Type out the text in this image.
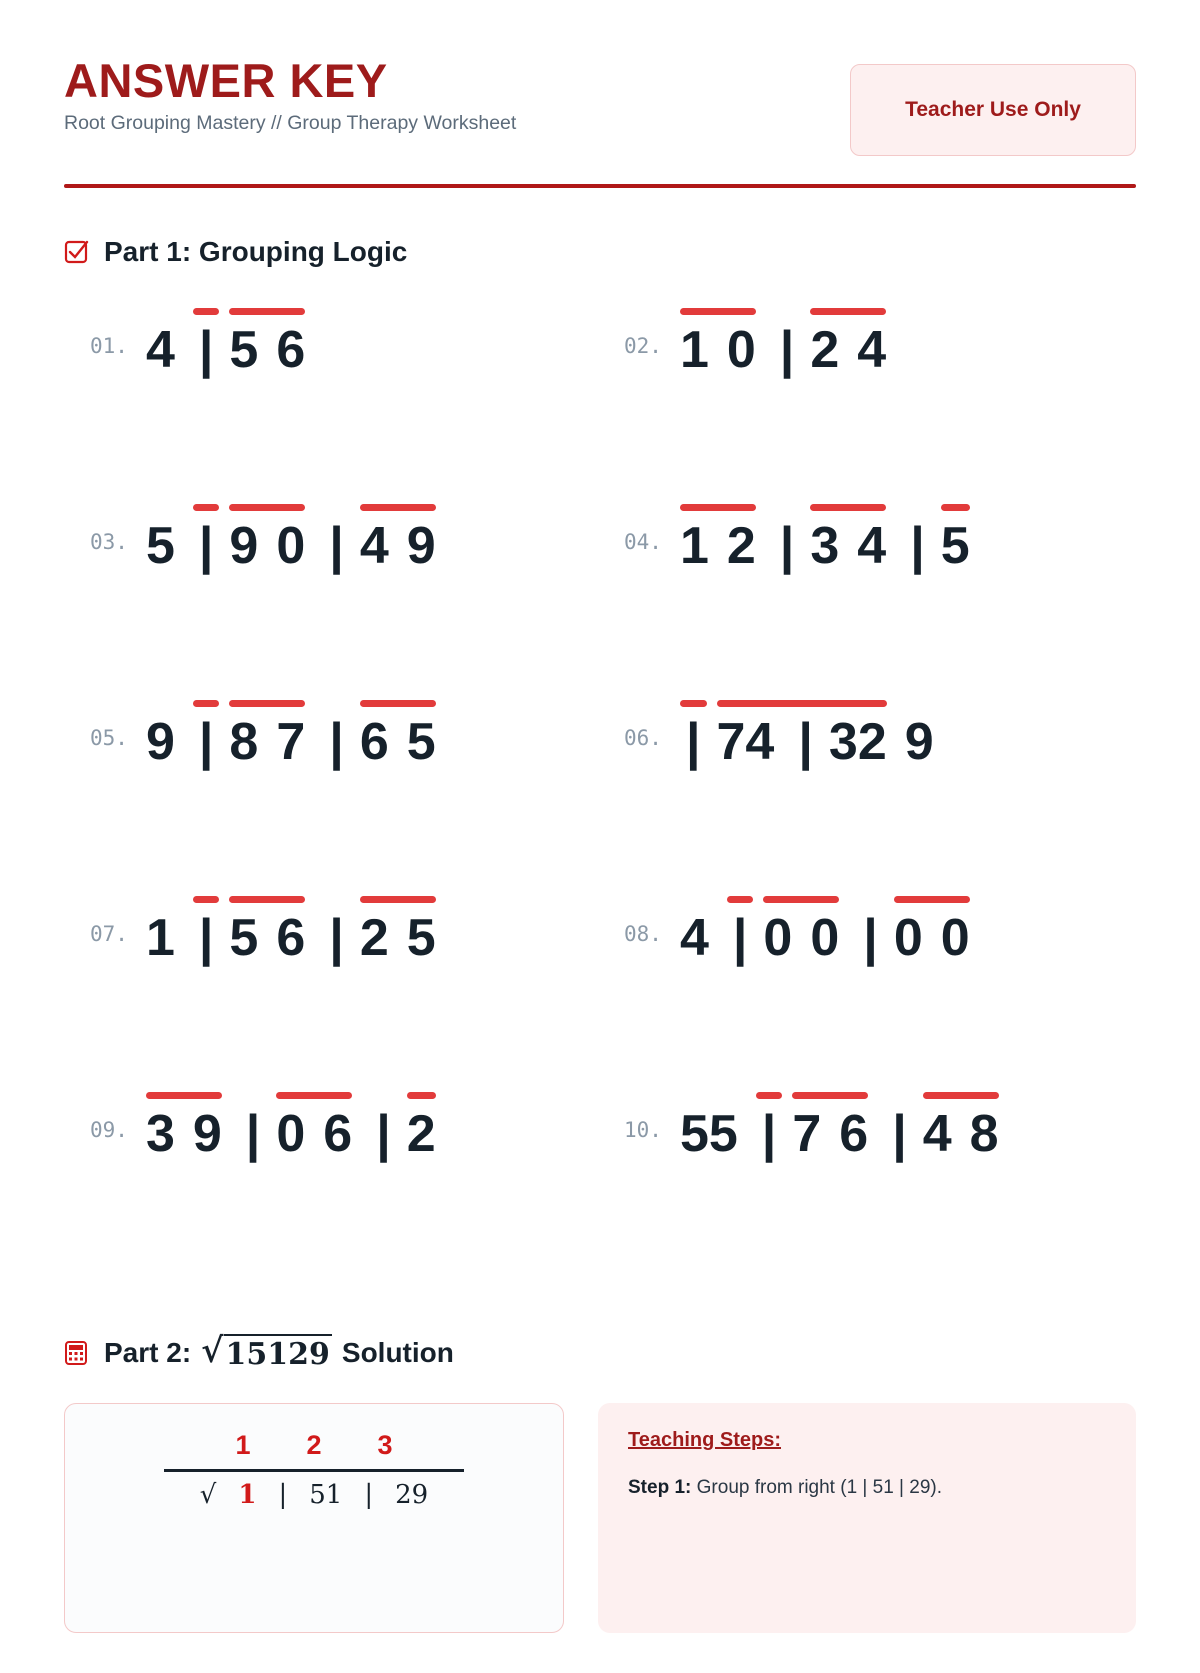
ANSWER KEY
Root Grouping Mastery // Group Therapy Worksheet
Teacher Use Only
Part 1: Grouping Logic
01. 4 | 5 6	02. 1 0 | 2 4
03. 5 | 9 0 | 4 9	04. 1 2 | 3 4 | 5
05. 9 | 8 7 | 6 5	06. | 74 | 32 9
07. 1 | 5 6 | 2 5	08. 4 | 0 0 | 0 0
09. 3 9 | 0 6 | 2	10. 55 | 7 6 | 4 8
Part 2: √ 15129 Solution
1 2 3
√ 1 | 51 | 29
Teaching Steps:
Step 1: Group from right (1 | 51 | 29).
